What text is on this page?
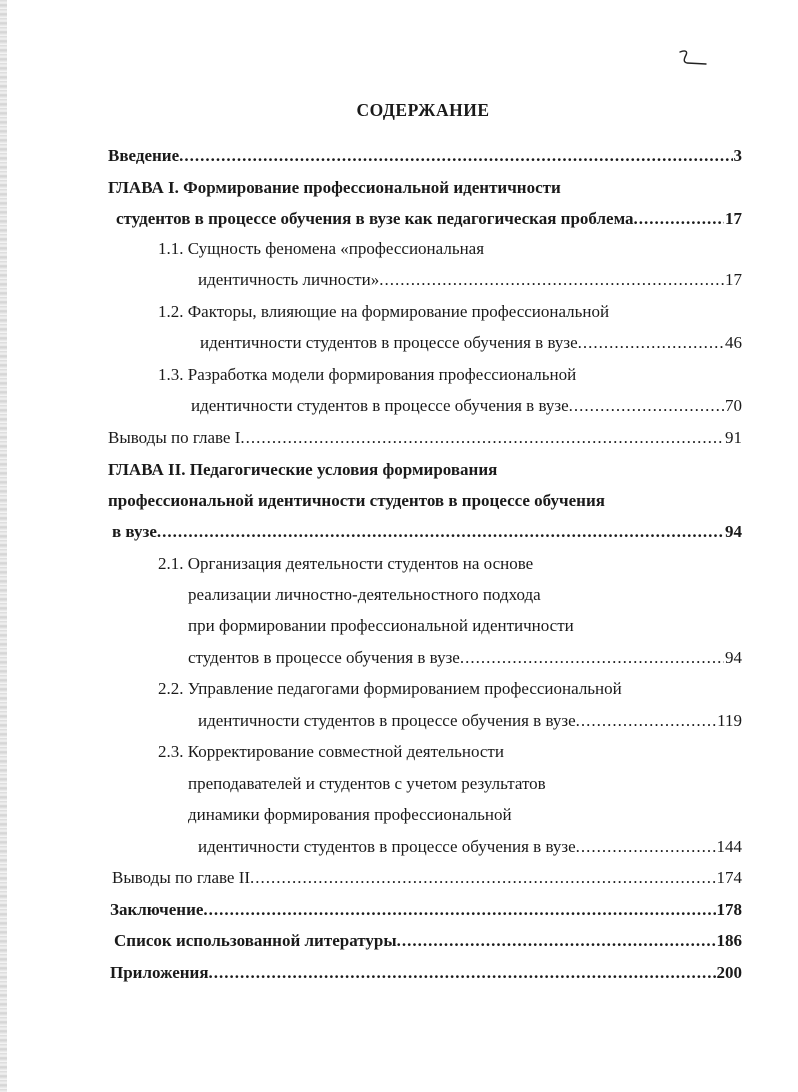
СОДЕРЖАНИЕ
Введение .....	3
ГЛАВА I. Формирование профессиональной идентичности
студентов в процессе обучения в вузе как педагогическая проблема .....	17
1.1. Сущность феномена «профессиональная
идентичность личности» .....	17
1.2. Факторы, влияющие на формирование профессиональной
идентичности студентов в процессе обучения в вузе .....	46
1.3. Разработка модели формирования профессиональной
идентичности студентов в процессе обучения в вузе .....	70
Выводы по главе I .....	91
ГЛАВА II. Педагогические условия формирования
профессиональной идентичности студентов в процессе обучения
в вузе .....	94
2.1. Организация деятельности студентов на основе
реализации личностно-деятельностного подхода
при формировании профессиональной идентичности
студентов в процессе обучения в вузе .....	94
2.2. Управление педагогами формированием профессиональной
идентичности студентов в процессе обучения в вузе .....	119
2.3. Корректирование совместной деятельности
преподавателей и студентов с учетом результатов
динамики формирования профессиональной
идентичности студентов в процессе обучения в вузе .....	144
Выводы по главе II .....	174
Заключение .....	178
Список использованной литературы .....	186
Приложения .....	200
